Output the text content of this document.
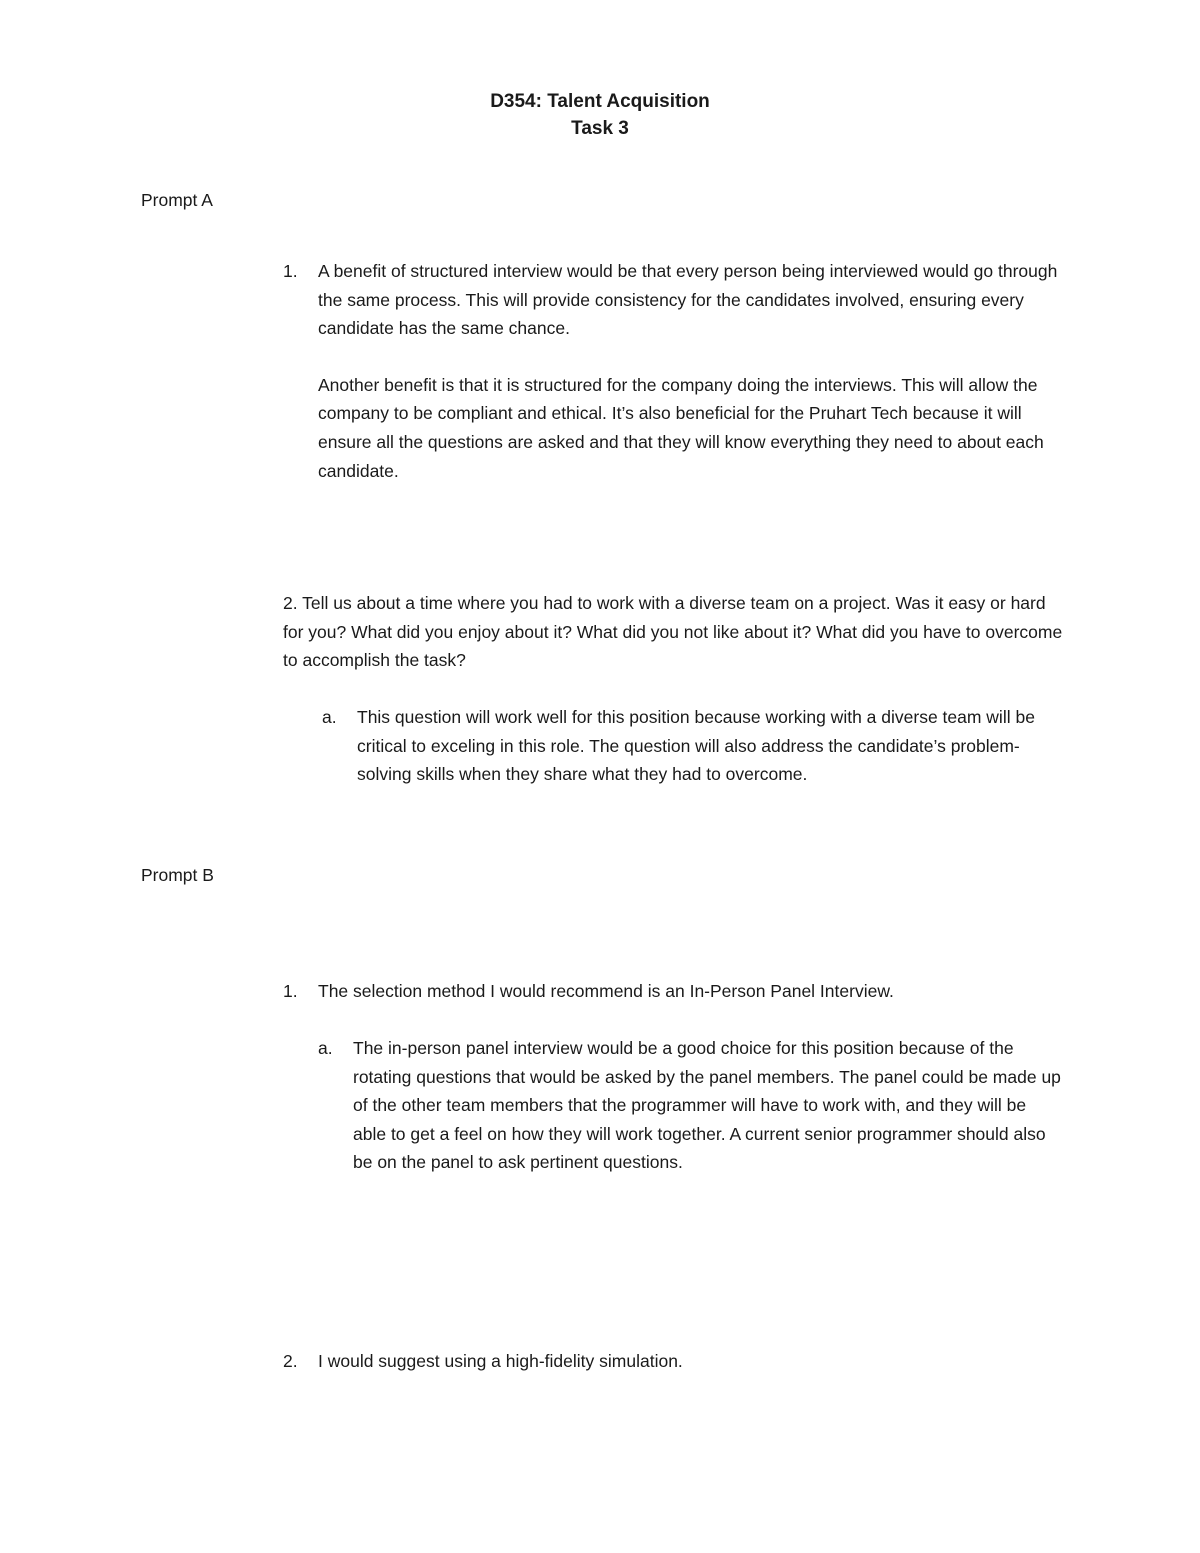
D354: Talent Acquisition
Task 3
Prompt A
1. A benefit of structured interview would be that every person being interviewed would go through the same process. This will provide consistency for the candidates involved, ensuring every candidate has the same chance.

Another benefit is that it is structured for the company doing the interviews. This will allow the company to be compliant and ethical. It’s also beneficial for the Pruhart Tech because it will ensure all the questions are asked and that they will know everything they need to about each candidate.

2. Tell us about a time where you had to work with a diverse team on a project. Was it easy or hard for you? What did you enjoy about it? What did you not like about it? What did you have to overcome to accomplish the task?
a. This question will work well for this position because working with a diverse team will be critical to exceling in this role. The question will also address the candidate’s problem-solving skills when they share what they had to overcome.
Prompt B
1. The selection method I would recommend is an In-Person Panel Interview.
a. The in-person panel interview would be a good choice for this position because of the rotating questions that would be asked by the panel members. The panel could be made up of the other team members that the programmer will have to work with, and they will be able to get a feel on how they will work together. A current senior programmer should also be on the panel to ask pertinent questions.
2. I would suggest using a high-fidelity simulation.
